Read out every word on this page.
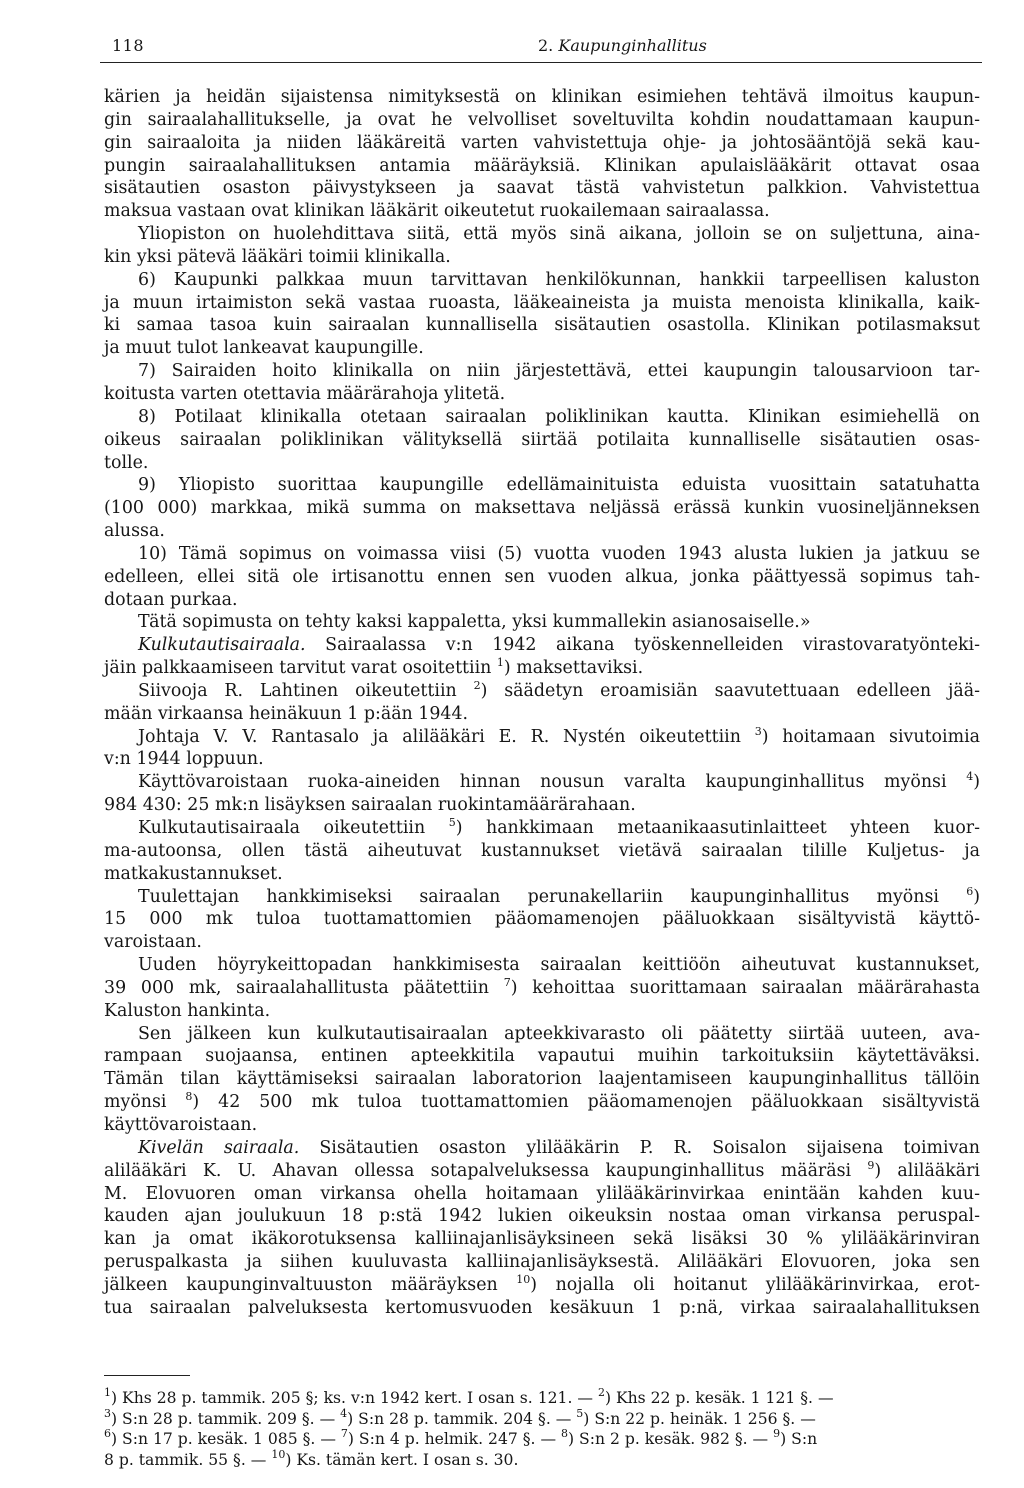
118	2. Kaupunginhallitus
kärien ja heidän sijaistensa nimityksestä on klinikan esimiehen tehtävä ilmoitus kaupun-
gin sairaalahallitukselle, ja ovat he velvolliset soveltuvilta kohdin noudattamaan kaupun-
gin sairaaloita ja niiden lääkäreitä varten vahvistettuja ohje- ja johtosääntöjä sekä kau-
pungin sairaalahallituksen antamia määräyksiä. Klinikan apulaislääkärit ottavat osaa
sisätautien osaston päivystykseen ja saavat tästä vahvistetun palkkion. Vahvistettua
maksua vastaan ovat klinikan lääkärit oikeutetut ruokailemaan sairaalassa.
Yliopiston on huolehdittava siitä, että myös sinä aikana, jolloin se on suljettuna, aina-
kin yksi pätevä lääkäri toimii klinikalla.
6) Kaupunki palkkaa muun tarvittavan henkilökunnan, hankkii tarpeellisen kaluston
ja muun irtaimiston sekä vastaa ruoasta, lääkeaineista ja muista menoista klinikalla, kaik-
ki samaa tasoa kuin sairaalan kunnallisella sisätautien osastolla. Klinikan potilasmaksut
ja muut tulot lankeavat kaupungille.
7) Sairaiden hoito klinikalla on niin järjestettävä, ettei kaupungin talousarvioon tar-
koitusta varten otettavia määrärahoja ylitetä.
8) Potilaat klinikalla otetaan sairaalan poliklinikan kautta. Klinikan esimiehellä on
oikeus sairaalan poliklinikan välityksellä siirtää potilaita kunnalliselle sisätautien osas-
tolle.
9) Yliopisto suorittaa kaupungille edellämainituista eduista vuosittain satatuhatta
(100 000) markkaa, mikä summa on maksettava neljässä erässä kunkin vuosineljänneksen
alussa.
10) Tämä sopimus on voimassa viisi (5) vuotta vuoden 1943 alusta lukien ja jatkuu se
edelleen, ellei sitä ole irtisanottu ennen sen vuoden alkua, jonka päättyessä sopimus tah-
dotaan purkaa.
Tätä sopimusta on tehty kaksi kappaletta, yksi kummallekin asianosaiselle.»
Kulkutautisairaala. Sairaalassa v:n 1942 aikana työskennelleiden virastovaratyönteki-
jäin palkkaamiseen tarvitut varat osoitettiin $^1$) maksettaviksi.
Siivooja R. Lahtinen oikeutettiin $^2$) säädetyn eroamisiän saavutettuaan edelleen jää-
mään virkaansa heinäkuun 1 p:ään 1944.
Johtaja V. V. Rantasalo ja alilääkäri E. R. Nystén oikeutettiin $^3$) hoitamaan sivutoimia
v:n 1944 loppuun.
Käyttövaroistaan ruoka-aineiden hinnan nousun varalta kaupunginhallitus myönsi $^4$)
984 430: 25 mk:n lisäyksen sairaalan ruokintamäärärahaan.
Kulkutautisairaala oikeutettiin $^5$) hankkimaan metaanikaasutinlaitteet yhteen kuor-
ma-autoonsa, ollen tästä aiheutuvat kustannukset vietävä sairaalan tilille Kuljetus- ja
matkakustannukset.
Tuulettajan hankkimiseksi sairaalan perunakellariin kaupunginhallitus myönsi $^6$)
15 000 mk tuloa tuottamattomien pääomamenojen pääluokkaan sisältyvistä käyttö-
varoistaan.
Uuden höyrykeittopadan hankkimisesta sairaalan keittiöön aiheutuvat kustannukset,
39 000 mk, sairaalahallitusta päätettiin $^7$) kehoittaa suorittamaan sairaalan määrärahasta
Kaluston hankinta.
Sen jälkeen kun kulkutautisairaalan apteekkivarasto oli päätetty siirtää uuteen, ava-
rampaan suojaansa, entinen apteekkitila vapautui muihin tarkoituksiin käytettäväksi.
Tämän tilan käyttämiseksi sairaalan laboratorion laajentamiseen kaupunginhallitus tällöin
myönsi $^8$) 42 500 mk tuloa tuottamattomien pääomamenojen pääluokkaan sisältyvistä
käyttövaroistaan.
Kivelän sairaala. Sisätautien osaston ylilääkärin P. R. Soisalon sijaisena toimivan
alilääkäri K. U. Ahavan ollessa sotapalveluksessa kaupunginhallitus määräsi $^9$) alilääkäri
M. Elovuoren oman virkansa ohella hoitamaan ylilääkärinvirkaa enintään kahden kuu-
kauden ajan joulukuun 18 p:stä 1942 lukien oikeuksin nostaa oman virkansa peruspal-
kan ja omat ikäkorotuksensa kalliinajanlisäyksineen sekä lisäksi 30 % ylilääkärinviran
peruspalkasta ja siihen kuuluvasta kalliinajanlisäyksestä. Alilääkäri Elovuoren, joka sen
jälkeen kaupunginvaltuuston määräyksen $^{10}$) nojalla oli hoitanut ylilääkärinvirkaa, erot-
tua sairaalan palveluksesta kertomusvuoden kesäkuun 1 p:nä, virkaa sairaalahallituksen
$^1$) Khs 28 p. tammik. 205 §; ks. v:n 1942 kert. I osan s. 121. — $^2$) Khs 22 p. kesäk. 1 121 §. —
$^3$) S:n 28 p. tammik. 209 §. — $^4$) S:n 28 p. tammik. 204 §. — $^5$) S:n 22 p. heinäk. 1 256 §. —
$^6$) S:n 17 p. kesäk. 1 085 §. — $^7$) S:n 4 p. helmik. 247 §. — $^8$) S:n 2 p. kesäk. 982 §. — $^9$) S:n
8 p. tammik. 55 §. — $^{10}$) Ks. tämän kert. I osan s. 30.
